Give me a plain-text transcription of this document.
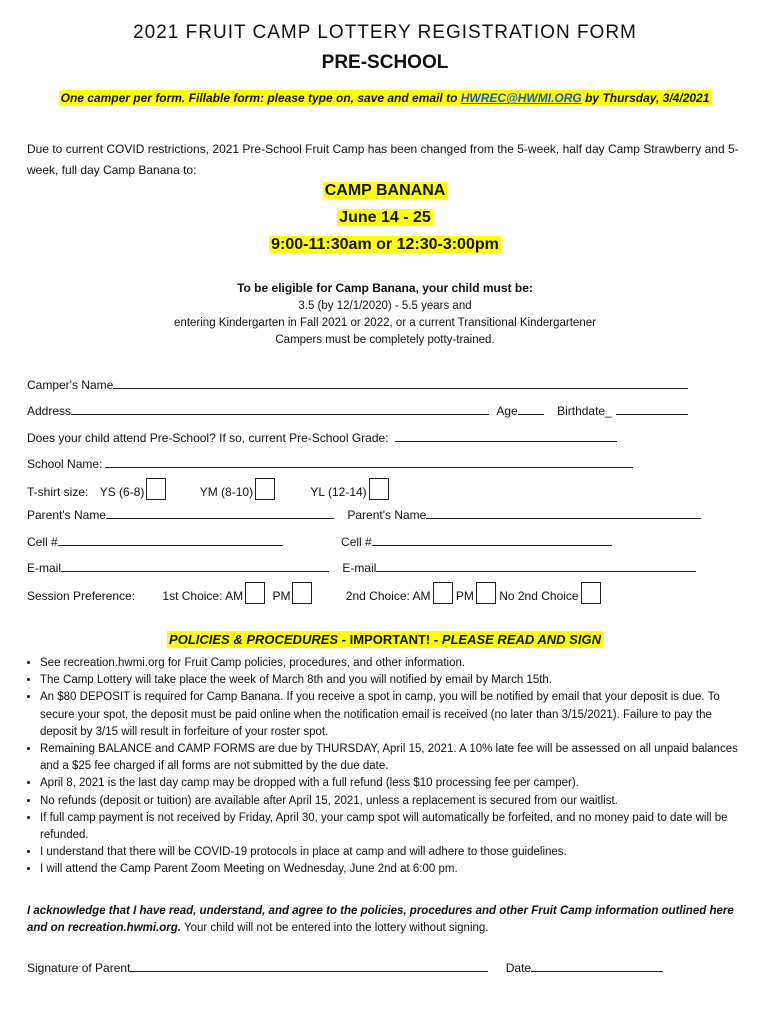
2021 FRUIT CAMP LOTTERY REGISTRATION FORM
PRE-SCHOOL
One camper per form. Fillable form: please type on, save and email to HWREC@HWMI.ORG by Thursday, 3/4/2021
Due to current COVID restrictions, 2021 Pre-School Fruit Camp has been changed from the 5-week, half day Camp Strawberry and 5-week, full day Camp Banana to:
CAMP BANANA
June 14 - 25
9:00-11:30am or 12:30-3:00pm
To be eligible for Camp Banana, your child must be:
3.5 (by 12/1/2020) - 5.5 years and
entering Kindergarten in Fall 2021 or 2022, or a current Transitional Kindergartener
Campers must be completely potty-trained.
Camper's Name
Address	Age	Birthdate_
Does your child attend Pre-School? If so, current Pre-School Grade:
School Name:
T-shirt size: YS (6-8)	YM (8-10)	YL (12-14)
Parent's Name	Parent's Name
Cell #	Cell #
E-mail	E-mail
Session Preference: 1st Choice: AM PM	2nd Choice: AM PM No 2nd Choice
POLICIES & PROCEDURES - IMPORTANT! - PLEASE READ AND SIGN
• See recreation.hwmi.org for Fruit Camp policies, procedures, and other information.
• The Camp Lottery will take place the week of March 8th and you will notified by email by March 15th.
• An $80 DEPOSIT is required for Camp Banana. If you receive a spot in camp, you will be notified by email that your deposit is due. To secure your spot, the deposit must be paid online when the notification email is received (no later than 3/15/2021). Failure to pay the deposit by 3/15 will result in forfeiture of your roster spot.
• Remaining BALANCE and CAMP FORMS are due by THURSDAY, April 15, 2021. A 10% late fee will be assessed on all unpaid balances and a $25 fee charged if all forms are not submitted by the due date.
• April 8, 2021 is the last day camp may be dropped with a full refund (less $10 processing fee per camper).
• No refunds (deposit or tuition) are available after April 15, 2021, unless a replacement is secured from our waitlist.
• If full camp payment is not received by Friday, April 30, your camp spot will automatically be forfeited, and no money paid to date will be refunded.
• I understand that there will be COVID-19 protocols in place at camp and will adhere to those guidelines.
• I will attend the Camp Parent Zoom Meeting on Wednesday, June 2nd at 6:00 pm.
I acknowledge that I have read, understand, and agree to the policies, procedures and other Fruit Camp information outlined here and on recreation.hwmi.org. Your child will not be entered into the lottery without signing.
Signature of Parent	Date
